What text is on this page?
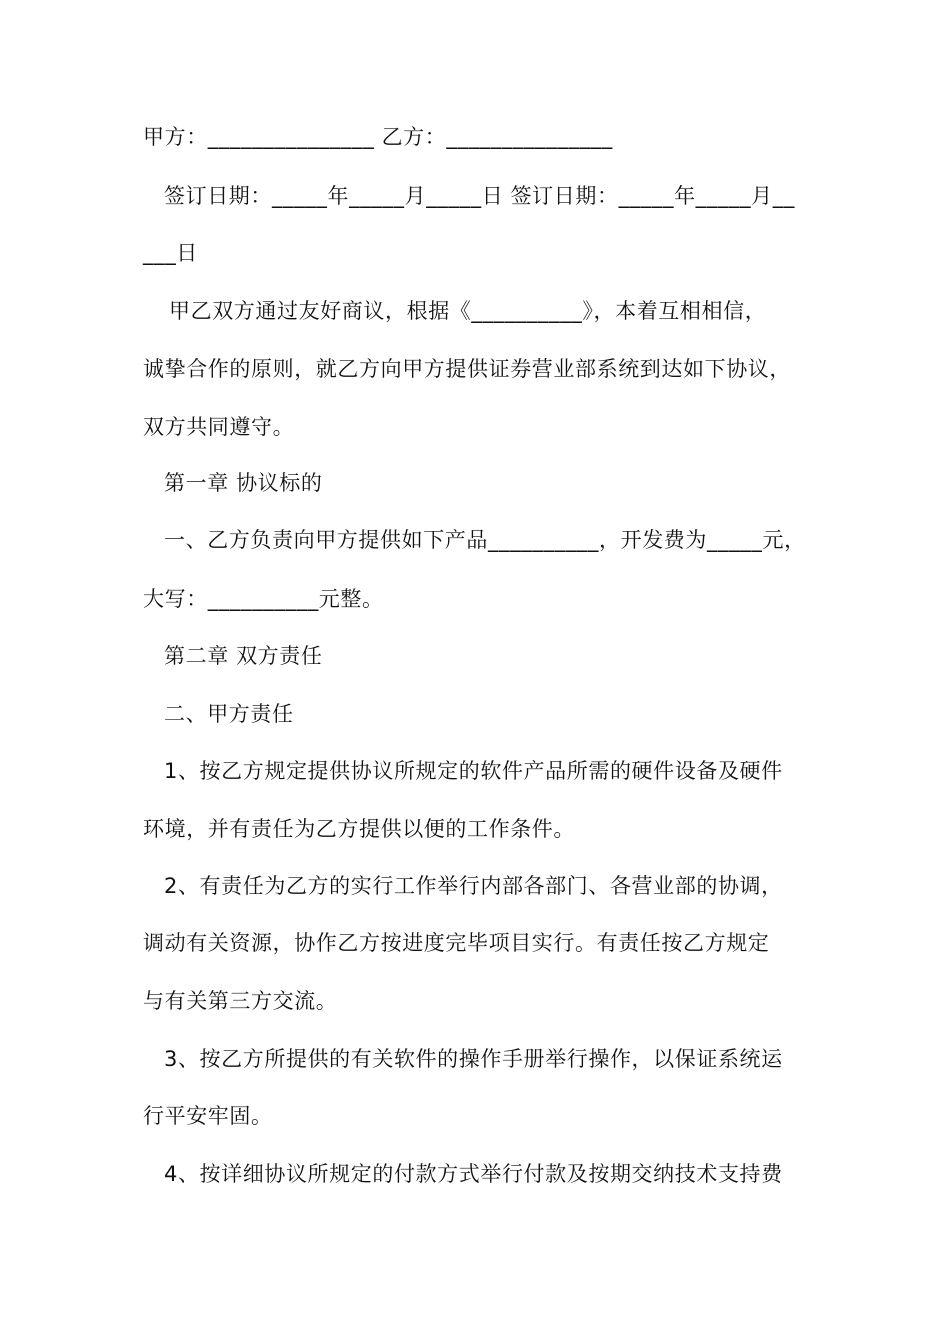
甲方：_______________ 乙方：_______________
签订日期：_____年_____月_____日 签订日期：_____年_____月__
___日
甲乙双方通过友好商议，根据《__________》，本着互相相信，
诚挚合作的原则，就乙方向甲方提供证券营业部系统到达如下协议，
双方共同遵守。
第一章 协议标的
一、乙方负责向甲方提供如下产品__________，开发费为_____元，
大写：__________元整。
第二章 双方责任
二、甲方责任
1、按乙方规定提供协议所规定的软件产品所需的硬件设备及硬件
环境，并有责任为乙方提供以便的工作条件。
2、有责任为乙方的实行工作举行内部各部门、各营业部的协调，
调动有关资源，协作乙方按进度完毕项目实行。有责任按乙方规定
与有关第三方交流。
3、按乙方所提供的有关软件的操作手册举行操作，以保证系统运
行平安牢固。
4、按详细协议所规定的付款方式举行付款及按期交纳技术支持费
